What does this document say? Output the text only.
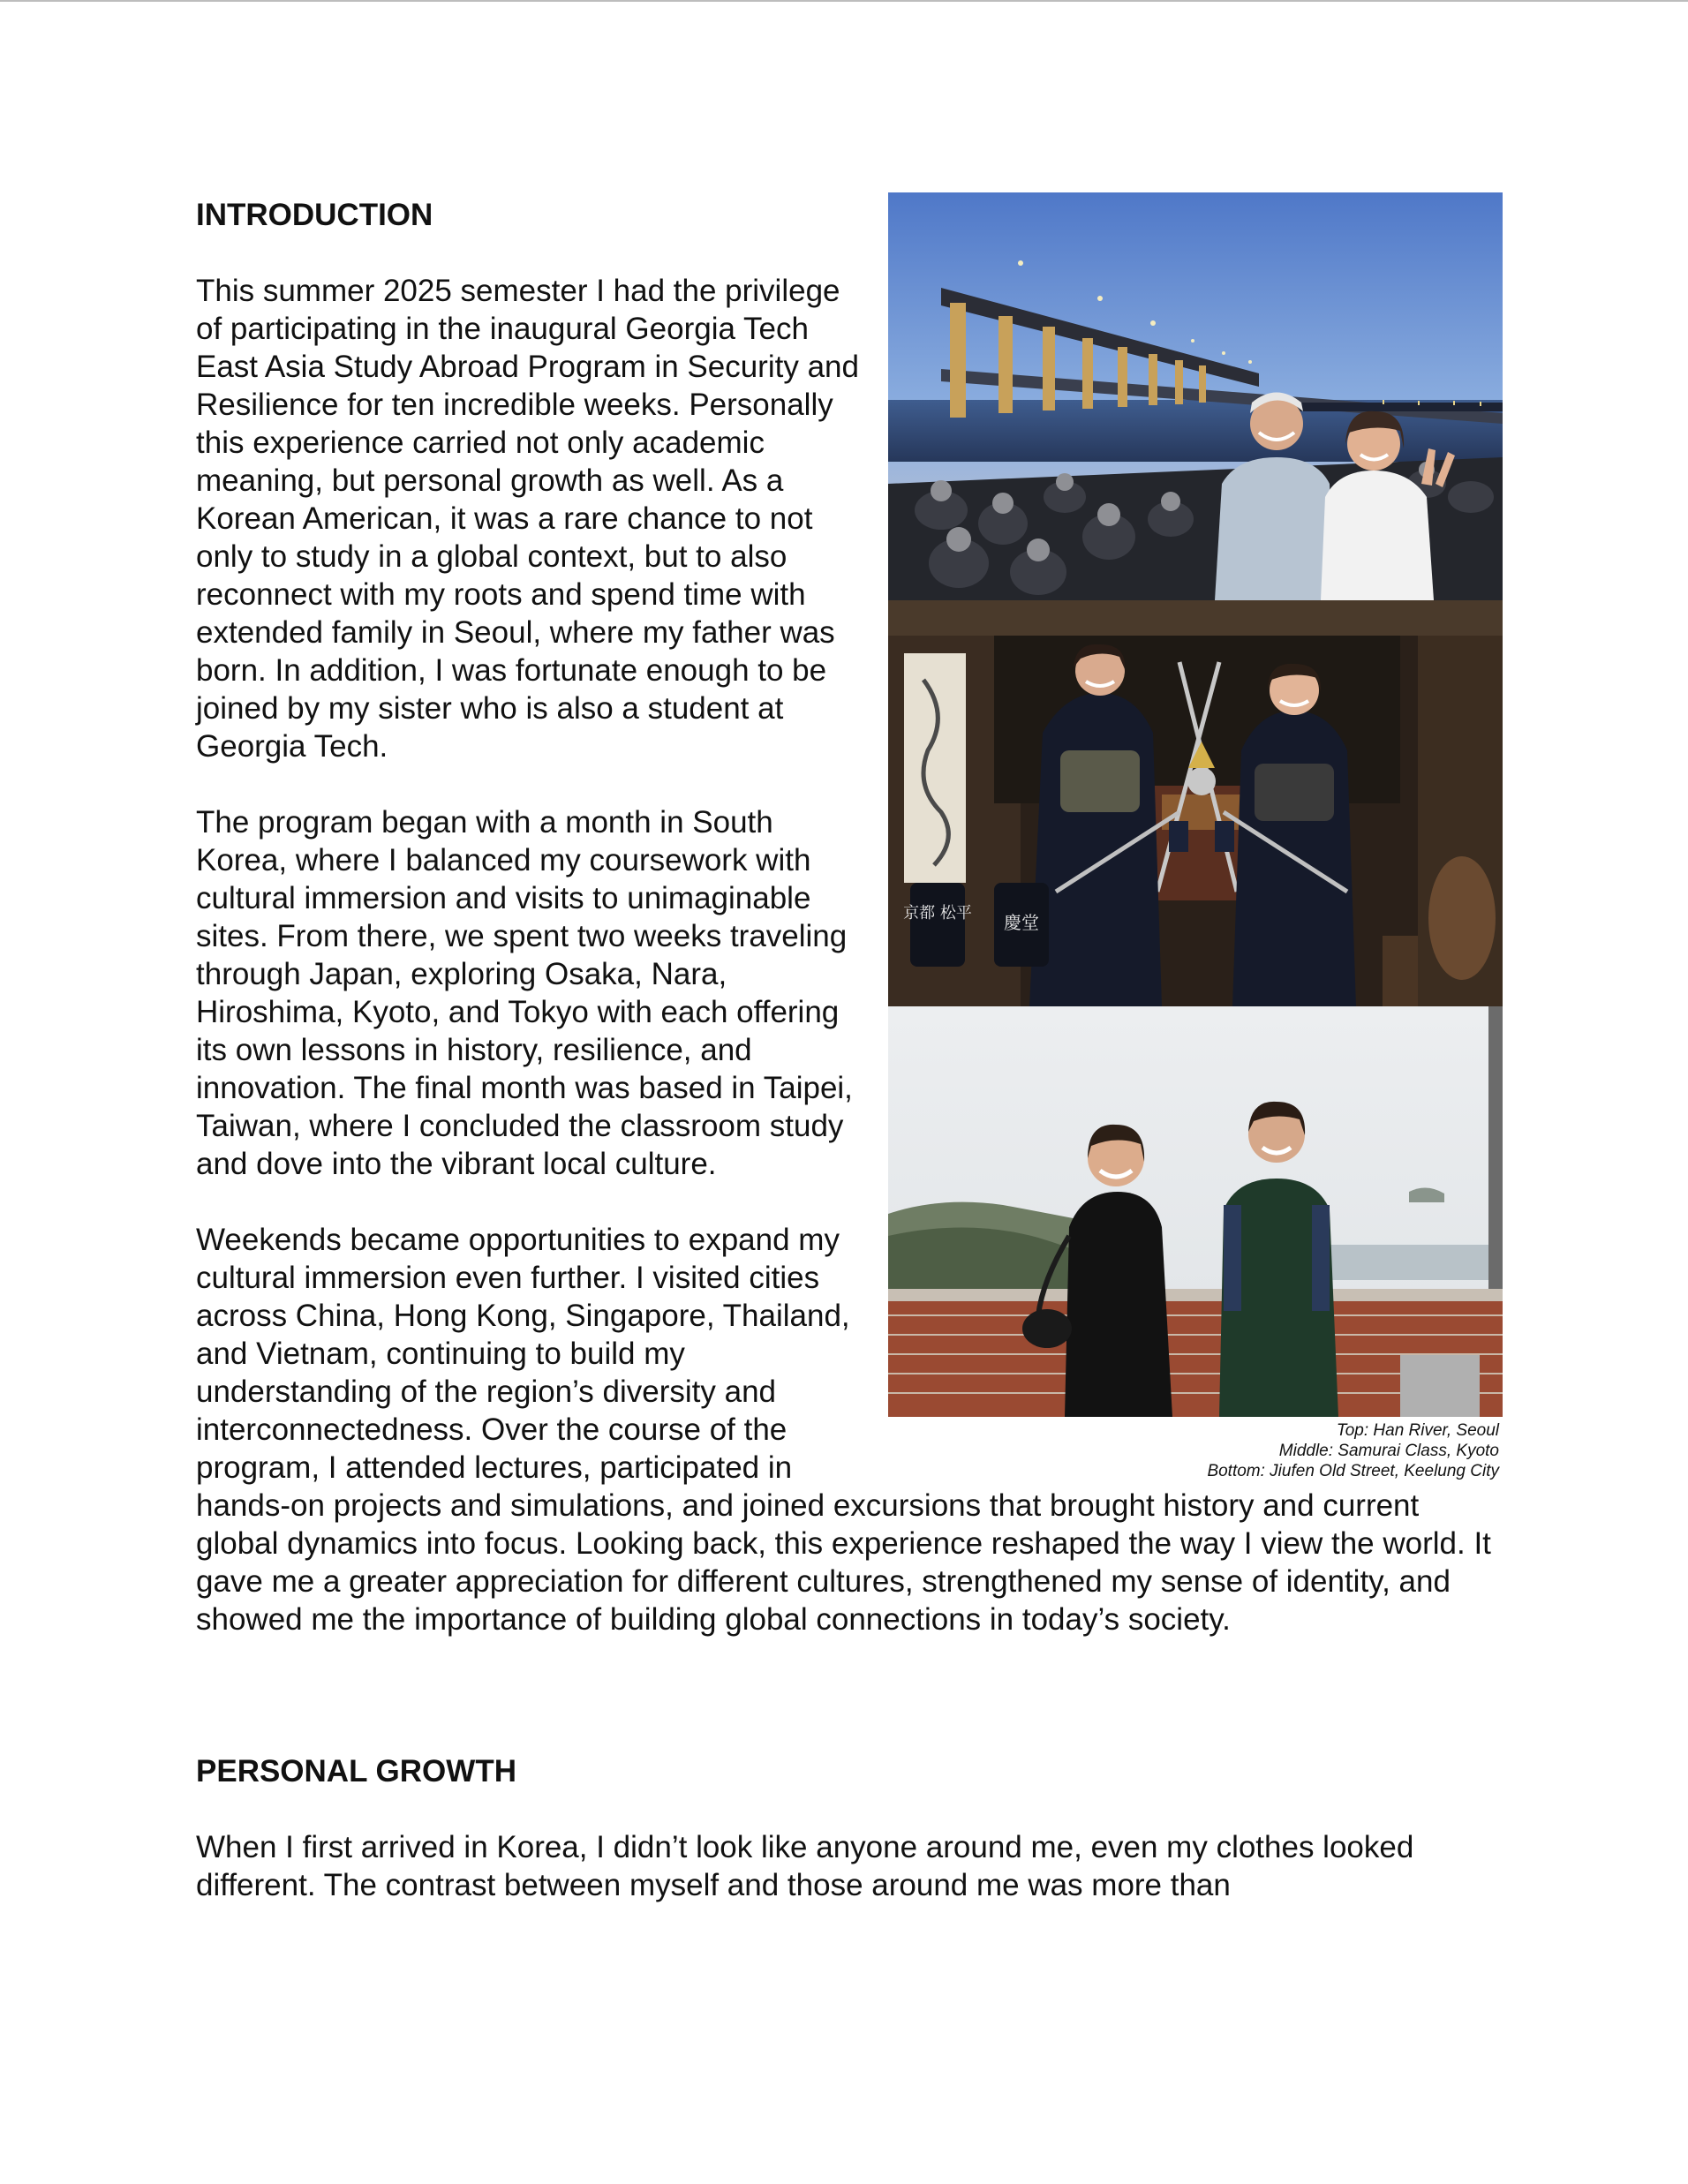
京都 松平 慶堂
Top: Han River, Seoul
Middle: Samurai Class, Kyoto
Bottom: Jiufen Old Street, Keelung City
INTRODUCTION

This summer 2025 semester I had the privilege of participating in the inaugural Georgia Tech East Asia Study Abroad Program in Security and Resilience for ten incredible weeks. Personally this experience carried not only academic meaning, but personal growth as well. As a Korean American, it was a rare chance to not only to study in a global context, but to also reconnect with my roots and spend time with extended family in Seoul, where my father was born. In addition, I was fortunate enough to be joined by my sister who is also a student at Georgia Tech.

The program began with a month in South Korea, where I balanced my coursework with cultural immersion and visits to unimaginable sites. From there, we spent two weeks traveling through Japan, exploring Osaka, Nara, Hiroshima, Kyoto, and Tokyo with each offering its own lessons in history, resilience, and innovation. The final month was based in Taipei, Taiwan, where I concluded the classroom study and dove into the vibrant local culture.

Weekends became opportunities to expand my cultural immersion even further. I visited cities across China, Hong Kong, Singapore, Thailand, and Vietnam, continuing to build my understanding of the region’s diversity and interconnectedness. Over the course of the program, I attended lectures, participated in hands-on projects and simulations, and joined excursions that brought history and current global dynamics into focus. Looking back, this experience reshaped the way I view the world. It gave me a greater appreciation for different cultures, strengthened my sense of identity, and showed me the importance of building global connections in today’s society.

PERSONAL GROWTH

When I first arrived in Korea, I didn’t look like anyone around me, even my clothes looked different. The contrast between myself and those around me was more than
